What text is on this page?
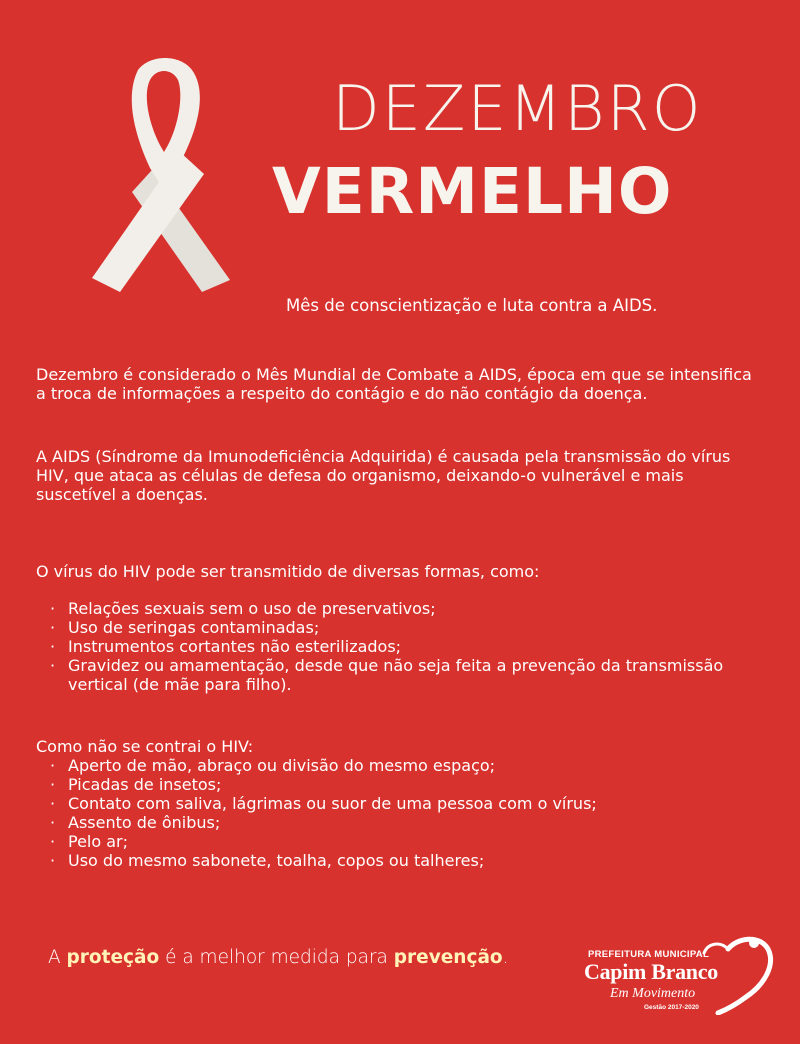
DEZEMBRO
VERMELHO
Mês de conscientização e luta contra a AIDS.

Dezembro é considerado o Mês Mundial de Combate a AIDS, época em que se intensifica a troca de informações a respeito do contágio e do não contágio da doença.

A AIDS (Síndrome da Imunodeficiência Adquirida) é causada pela transmissão do vírus HIV, que ataca as células de defesa do organismo, deixando-o vulnerável e mais suscetível a doenças.

O vírus do HIV pode ser transmitido de diversas formas, como:

· Relações sexuais sem o uso de preservativos;
· Uso de seringas contaminadas;
· Instrumentos cortantes não esterilizados;
· Gravidez ou amamentação, desde que não seja feita a prevenção da transmissão vertical (de mãe para filho).
Como não se contrai o HIV:
· Aperto de mão, abraço ou divisão do mesmo espaço;
· Picadas de insetos;
· Contato com saliva, lágrimas ou suor de uma pessoa com o vírus;
· Assento de ônibus;
· Pelo ar;
· Uso do mesmo sabonete, toalha, copos ou talheres;
A proteção é a melhor medida para prevenção.	PREFEITURA MUNICIPAL
Capim Branco
Em Movimento
Gestão 2017-2020
